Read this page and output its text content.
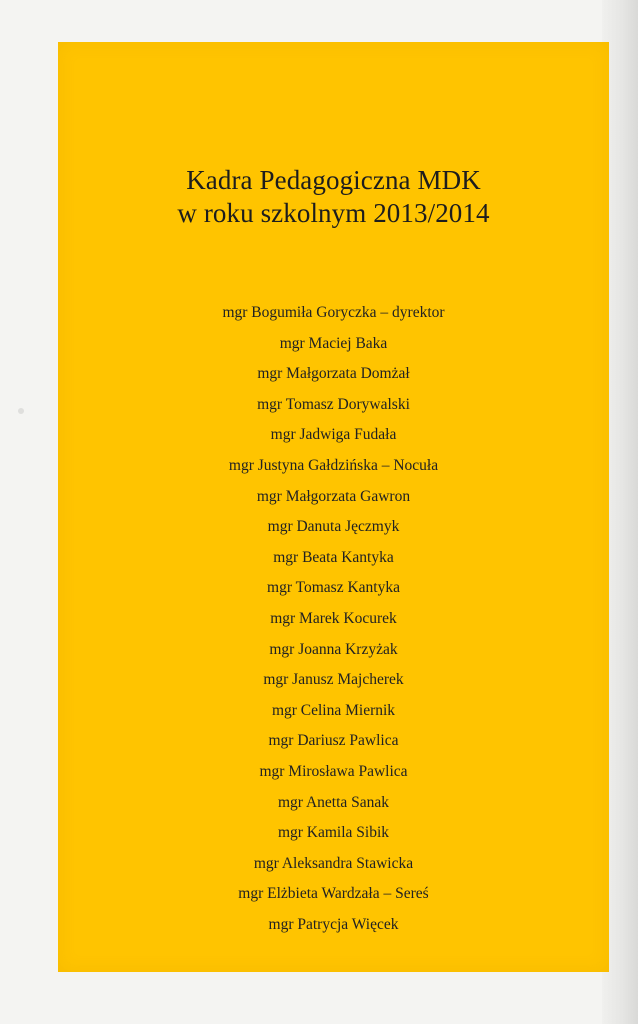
Kadra Pedagogiczna MDK
w roku szkolnym 2013/2014
mgr Bogumiła Goryczka – dyrektor
mgr Maciej Baka
mgr Małgorzata Domżał
mgr Tomasz Dorywalski
mgr Jadwiga Fudała
mgr Justyna Gałdzińska – Nocuła
mgr Małgorzata Gawron
mgr Danuta Jęczmyk
mgr Beata Kantyka
mgr Tomasz Kantyka
mgr Marek Kocurek
mgr Joanna Krzyżak
mgr Janusz Majcherek
mgr Celina Miernik
mgr Dariusz Pawlica
mgr Mirosława Pawlica
mgr Anetta Sanak
mgr Kamila Sibik
mgr Aleksandra Stawicka
mgr Elżbieta Wardzała – Sereś
mgr Patrycja Więcek
